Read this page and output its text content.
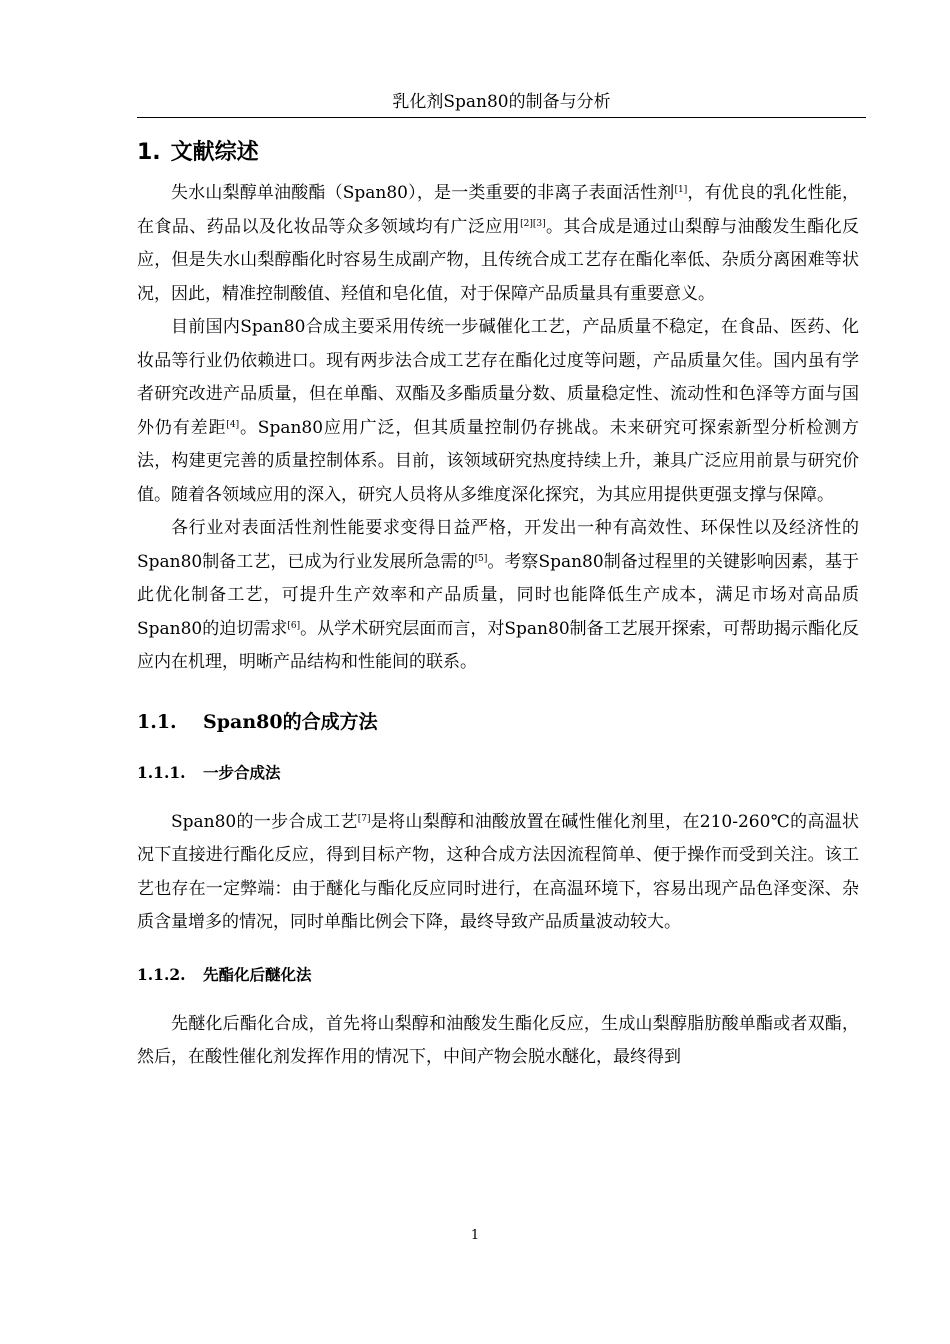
乳化剂Span80的制备与分析
1. 文献综述

失水山梨醇单油酸酯（Span80），是一类重要的非离子表面活性剂[1]，有优良的乳化性能，在食品、药品以及化妆品等众多领域均有广泛应用[2][3]。其合成是通过山梨醇与油酸发生酯化反应，但是失水山梨醇酯化时容易生成副产物，且传统合成工艺存在酯化率低、杂质分离困难等状况，因此，精准控制酸值、羟值和皂化值，对于保障产品质量具有重要意义。

目前国内Span80合成主要采用传统一步碱催化工艺，产品质量不稳定，在食品、医药、化妆品等行业仍依赖进口。现有两步法合成工艺存在酯化过度等问题，产品质量欠佳。国内虽有学者研究改进产品质量，但在单酯、双酯及多酯质量分数、质量稳定性、流动性和色泽等方面与国外仍有差距[4]。Span80应用广泛，但其质量控制仍存挑战。未来研究可探索新型分析检测方法，构建更完善的质量控制体系。目前，该领域研究热度持续上升，兼具广泛应用前景与研究价值。随着各领域应用的深入，研究人员将从多维度深化探究，为其应用提供更强支撑与保障。

各行业对表面活性剂性能要求变得日益严格，开发出一种有高效性、环保性以及经济性的Span80制备工艺，已成为行业发展所急需的[5]。考察Span80制备过程里的关键影响因素，基于此优化制备工艺，可提升生产效率和产品质量，同时也能降低生产成本，满足市场对高品质Span80的迫切需求[6]。从学术研究层面而言，对Span80制备工艺展开探索，可帮助揭示酯化反应内在机理，明晰产品结构和性能间的联系。

1.1.	Span80的合成方法
1.1.1.	一步合成法

Span80的一步合成工艺[7]是将山梨醇和油酸放置在碱性催化剂里，在210-260℃的高温状况下直接进行酯化反应，得到目标产物，这种合成方法因流程简单、便于操作而受到关注。该工艺也存在一定弊端：由于醚化与酯化反应同时进行，在高温环境下，容易出现产品色泽变深、杂质含量增多的情况，同时单酯比例会下降，最终导致产品质量波动较大。

1.1.2.	先酯化后醚化法

先醚化后酯化合成，首先将山梨醇和油酸发生酯化反应，生成山梨醇脂肪酸单酯或者双酯，然后，在酸性催化剂发挥作用的情况下，中间产物会脱水醚化，最终得到

1
